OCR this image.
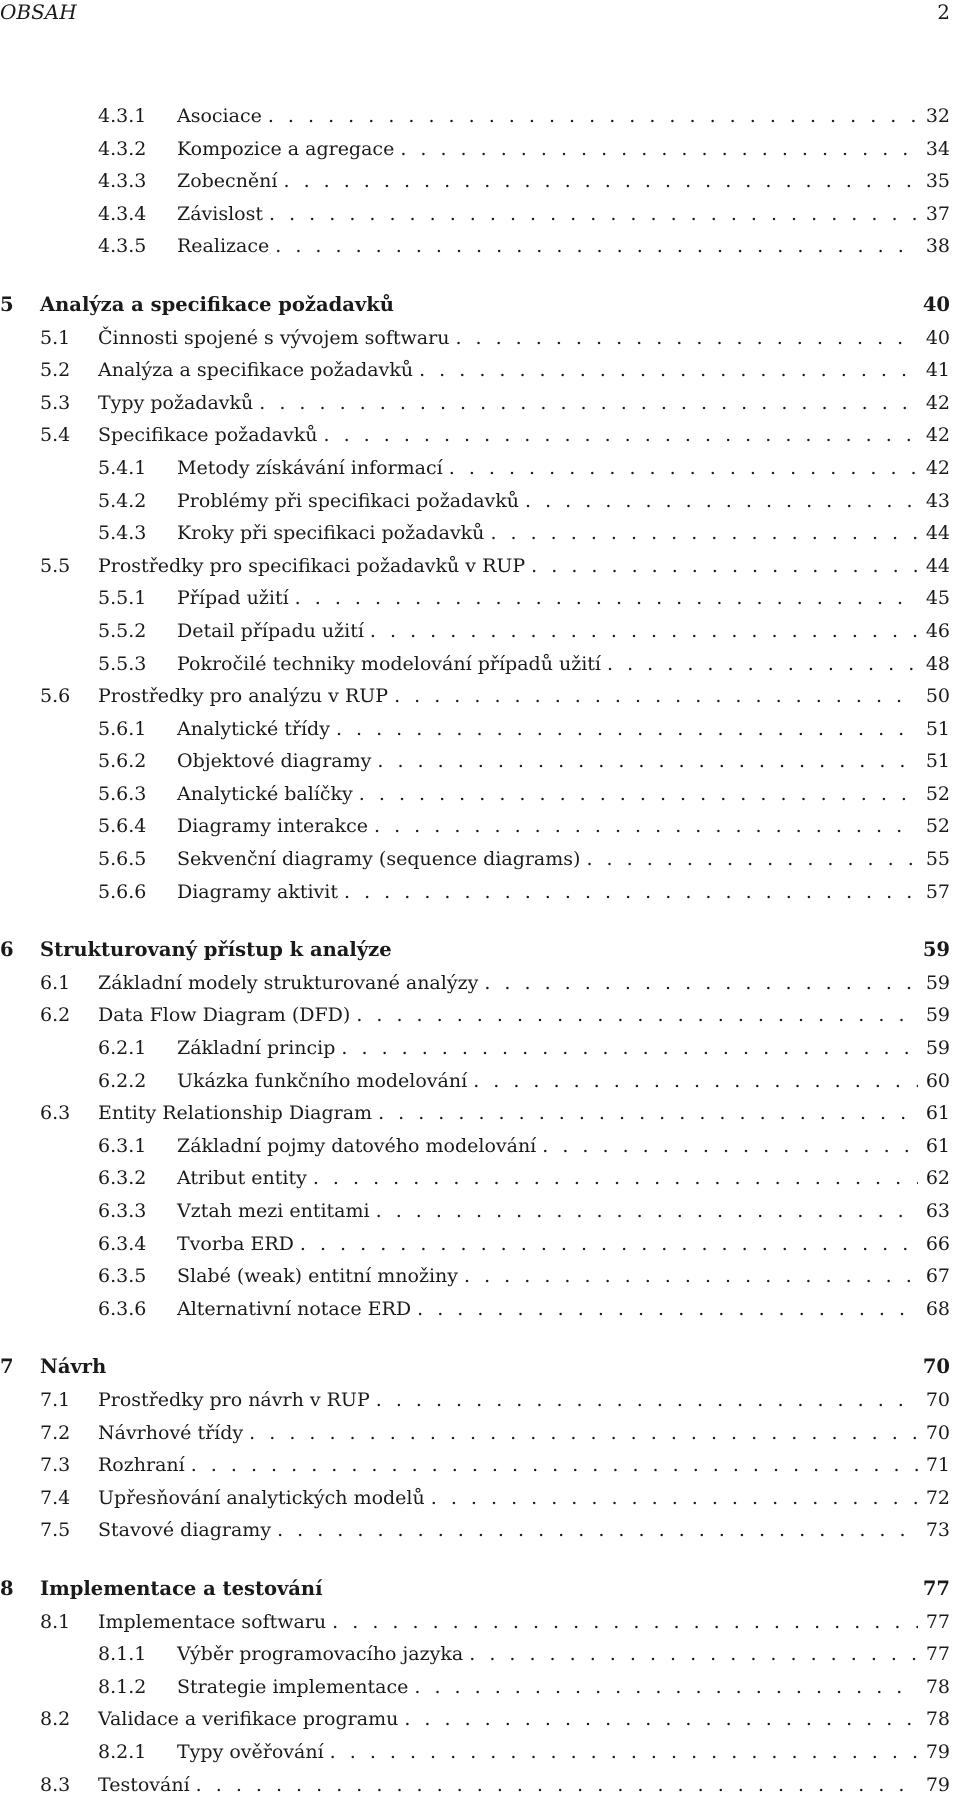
OBSAH	2
4.3.1	Asociace . . .	32
4.3.2	Kompozice a agregace . . .	34
4.3.3	Zobecnění . . .	35
4.3.4	Závislost . . .	37
4.3.5	Realizace . . .	38
5	Analýza a specifikace požadavků	40
5.1	Činnosti spojené s vývojem softwaru . . .	40
5.2	Analýza a specifikace požadavků . . .	41
5.3	Typy požadavků . . .	42
5.4	Specifikace požadavků . . .	42
5.4.1	Metody získávání informací . . .	42
5.4.2	Problémy při specifikaci požadavků . . .	43
5.4.3	Kroky při specifikaci požadavků . . .	44
5.5	Prostředky pro specifikaci požadavků v RUP . . .	44
5.5.1	Případ užití . . .	45
5.5.2	Detail případu užití . . .	46
5.5.3	Pokročilé techniky modelování případů užití . . .	48
5.6	Prostředky pro analýzu v RUP . . .	50
5.6.1	Analytické třídy . . .	51
5.6.2	Objektové diagramy . . .	51
5.6.3	Analytické balíčky . . .	52
5.6.4	Diagramy interakce . . .	52
5.6.5	Sekvenční diagramy (sequence diagrams) . . .	55
5.6.6	Diagramy aktivit . . .	57
6	Strukturovaný přístup k analýze	59
6.1	Základní modely strukturované analýzy . . .	59
6.2	Data Flow Diagram (DFD) . . .	59
6.2.1	Základní princip . . .	59
6.2.2	Ukázka funkčního modelování . . .	60
6.3	Entity Relationship Diagram . . .	61
6.3.1	Základní pojmy datového modelování . . .	61
6.3.2	Atribut entity . . .	62
6.3.3	Vztah mezi entitami . . .	63
6.3.4	Tvorba ERD . . .	66
6.3.5	Slabé (weak) entitní množiny . . .	67
6.3.6	Alternativní notace ERD . . .	68
7	Návrh	70
7.1	Prostředky pro návrh v RUP . . .	70
7.2	Návrhové třídy . . .	70
7.3	Rozhraní . . .	71
7.4	Upřesňování analytických modelů . . .	72
7.5	Stavové diagramy . . .	73
8	Implementace a testování	77
8.1	Implementace softwaru . . .	77
8.1.1	Výběr programovacího jazyka . . .	77
8.1.2	Strategie implementace . . .	78
8.2	Validace a verifikace programu . . .	78
8.2.1	Typy ověřování . . .	79
8.3	Testování . . .	79
